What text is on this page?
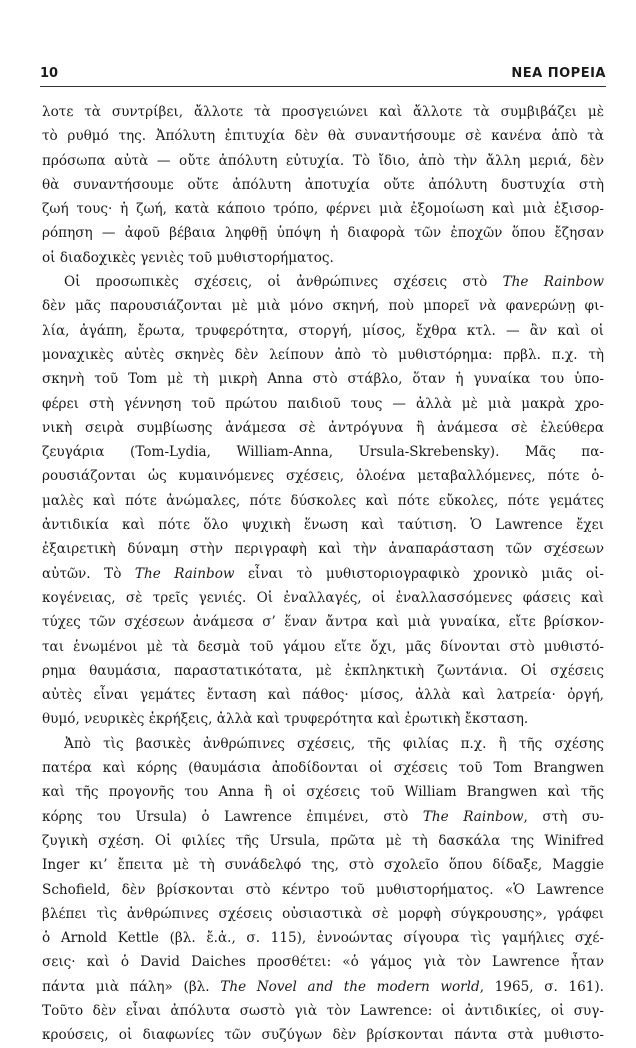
10	ΝΕΑ ΠΟΡΕΙΑ
λοτε τὰ συντρίβει, ἄλλοτε τὰ προσγειώνει καὶ ἄλλοτε τὰ συμβιβάζει μὲ
τὸ ρυθμό της. Ἀπόλυτη ἐπιτυχία δὲν θὰ συναντήσουμε σὲ κανένα ἀπὸ τὰ
πρόσωπα αὐτὰ — οὔτε ἀπόλυτη εὐτυχία. Τὸ ἴδιο, ἀπὸ τὴν ἄλλη μεριά, δὲν
θὰ συναντήσουμε οὔτε ἀπόλυτη ἀποτυχία οὔτε ἀπόλυτη δυστυχία στὴ
ζωή τους· ἡ ζωή, κατὰ κάποιο τρόπο, φέρνει μιὰ ἐξομοίωση καὶ μιὰ ἐξισορ-
ρόπηση — ἀφοῦ βέβαια ληφθῇ ὑπόψη ἡ διαφορὰ τῶν ἐποχῶν ὅπου ἔζησαν
οἱ διαδοχικὲς γενιὲς τοῦ μυθιστορήματος.
Οἱ προσωπικὲς σχέσεις, οἱ ἀνθρώπινες σχέσεις στὸ The Rainbow
δὲν μᾶς παρουσιάζονται μὲ μιὰ μόνο σκηνή, ποὺ μπορεῖ νὰ φανερώνῃ φι-
λία, ἀγάπη, ἔρωτα, τρυφερότητα, στοργή, μίσος, ἔχθρα κτλ. — ἂν καὶ οἱ
μοναχικὲς αὐτὲς σκηνὲς δὲν λείπουν ἀπὸ τὸ μυθιστόρημα: πρβλ. π.χ. τὴ
σκηνὴ τοῦ Tom μὲ τὴ μικρὴ Anna στὸ στάβλο, ὅταν ἡ γυναίκα του ὑπο-
φέρει στὴ γέννηση τοῦ πρώτου παιδιοῦ τους — ἀλλὰ μὲ μιὰ μακρὰ χρο-
νικὴ σειρὰ συμβίωσης ἀνάμεσα σὲ ἀντρόγυνα ἢ ἀνάμεσα σὲ ἐλεύθερα
ζευγάρια (Tom-Lydia, William-Anna, Ursula-Skrebensky). Μᾶς πα-
ρουσιάζονται ὡς κυμαινόμενες σχέσεις, ὁλοένα μεταβαλλόμενες, πότε ὁ-
μαλὲς καὶ πότε ἀνώμαλες, πότε δύσκολες καὶ πότε εὔκολες, πότε γεμάτες
ἀντιδικία καὶ πότε ὅλο ψυχικὴ ἕνωση καὶ ταύτιση. Ὁ Lawrence ἔχει
ἐξαιρετικὴ δύναμη στὴν περιγραφὴ καὶ τὴν ἀναπαράσταση τῶν σχέσεων
αὐτῶν. Τὸ The Rainbow εἶναι τὸ μυθιστοριογραφικὸ χρονικὸ μιᾶς οἰ-
κογένειας, σὲ τρεῖς γενιές. Οἱ ἐναλλαγές, οἱ ἐναλλασσόμενες φάσεις καὶ
τύχες τῶν σχέσεων ἀνάμεσα σ’ ἕναν ἄντρα καὶ μιὰ γυναίκα, εἴτε βρίσκον-
ται ἑνωμένοι μὲ τὰ δεσμὰ τοῦ γάμου εἴτε ὄχι, μᾶς δίνονται στὸ μυθιστό-
ρημα θαυμάσια, παραστατικότατα, μὲ ἐκπληκτικὴ ζωντάνια. Οἱ σχέσεις
αὐτὲς εἶναι γεμάτες ἔνταση καὶ πάθος· μίσος, ἀλλὰ καὶ λατρεία· ὀργή,
θυμό, νευρικὲς ἐκρήξεις, ἀλλὰ καὶ τρυφερότητα καὶ ἐρωτικὴ ἔκσταση.
Ἀπὸ τὶς βασικὲς ἀνθρώπινες σχέσεις, τῆς φιλίας π.χ. ἢ τῆς σχέσης
πατέρα καὶ κόρης (θαυμάσια ἀποδίδονται οἱ σχέσεις τοῦ Tom Brangwen
καὶ τῆς προγονῆς του Anna ἢ οἱ σχέσεις τοῦ William Brangwen καὶ τῆς
κόρης του Ursula) ὁ Lawrence ἐπιμένει, στὸ The Rainbow, στὴ συ-
ζυγικὴ σχέση. Οἱ φιλίες τῆς Ursula, πρῶτα μὲ τὴ δασκάλα της Winifred
Inger κι’ ἔπειτα μὲ τὴ συνάδελφό της, στὸ σχολεῖο ὅπου δίδαξε, Maggie
Schofield, δὲν βρίσκονται στὸ κέντρο τοῦ μυθιστορήματος. «Ὁ Lawrence
βλέπει τὶς ἀνθρώπινες σχέσεις οὐσιαστικὰ σὲ μορφὴ σύγκρουσης», γράφει
ὁ Arnold Kettle (βλ. ἔ.ἀ., σ. 115), ἐννοώντας σίγουρα τὶς γαμήλιες σχέ-
σεις· καὶ ὁ David Daiches προσθέτει: «ὁ γάμος γιὰ τὸν Lawrence ἦταν
πάντα μιὰ πάλη» (βλ. The Novel and the modern world, 1965, σ. 161).
Τοῦτο δὲν εἶναι ἀπόλυτα σωστὸ γιὰ τὸν Lawrence: οἱ ἀντιδικίες, οἱ συγ-
κρούσεις, οἱ διαφωνίες τῶν συζύγων δὲν βρίσκονται πάντα στὰ μυθιστο-
